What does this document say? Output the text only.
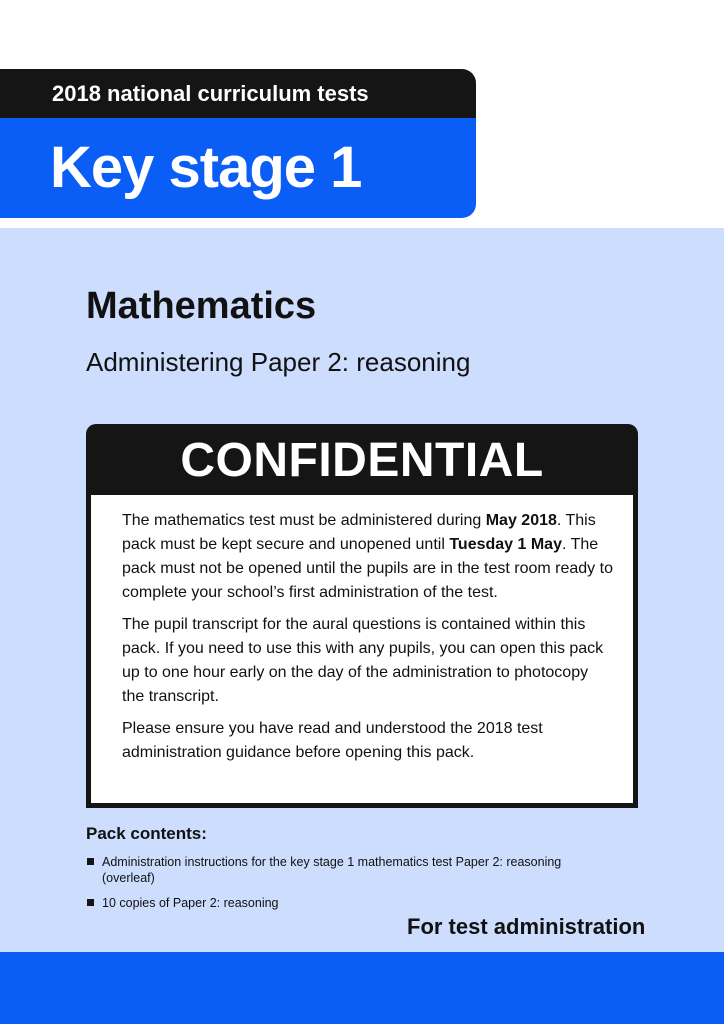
2018 national curriculum tests
Key stage 1
Mathematics
Administering Paper 2: reasoning
CONFIDENTIAL

The mathematics test must be administered during May 2018. This pack must be kept secure and unopened until Tuesday 1 May. The pack must not be opened until the pupils are in the test room ready to complete your school’s first administration of the test.

The pupil transcript for the aural questions is contained within this pack. If you need to use this with any pupils, you can open this pack up to one hour early on the day of the administration to photocopy the transcript.

Please ensure you have read and understood the 2018 test administration guidance before opening this pack.

Pack contents:
Administration instructions for the key stage 1 mathematics test Paper 2: reasoning (overleaf)
10 copies of Paper 2: reasoning
For test administration
